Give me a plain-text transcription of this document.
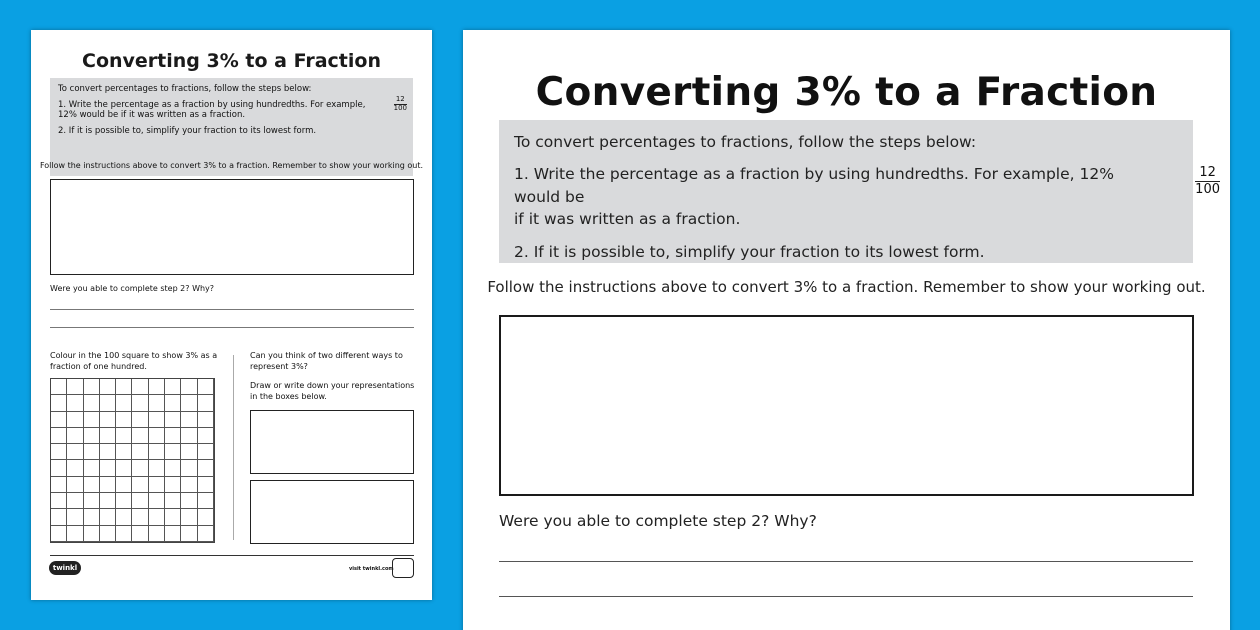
Converting 3% to a Fraction

To convert percentages to fractions, follow the steps below:

1. Write the percentage as a fraction by using hundredths. For example, 12% would be if it was written as a fraction.

$\frac{12}{100}$

2. If it is possible to, simplify your fraction to its lowest form.

Follow the instructions above to convert 3% to a fraction. Remember to show your working out.
Were you able to complete step 2? Why?
Colour in the 100 square to show 3% as a fraction of one hundred.
Can you think of two different ways to represent 3%?
Draw or write down your representations in the boxes below.
twinkl	visit twinkl.com
Converting 3% to a Fraction

To convert percentages to fractions, follow the steps below:

1. Write the percentage as a fraction by using hundredths. For example, 12% would be
if it was written as a fraction.

2. If it is possible to, simplify your fraction to its lowest form.

$\frac{12}{100}$
Follow the instructions above to convert 3% to a fraction. Remember to show your working out.
Were you able to complete step 2? Why?
